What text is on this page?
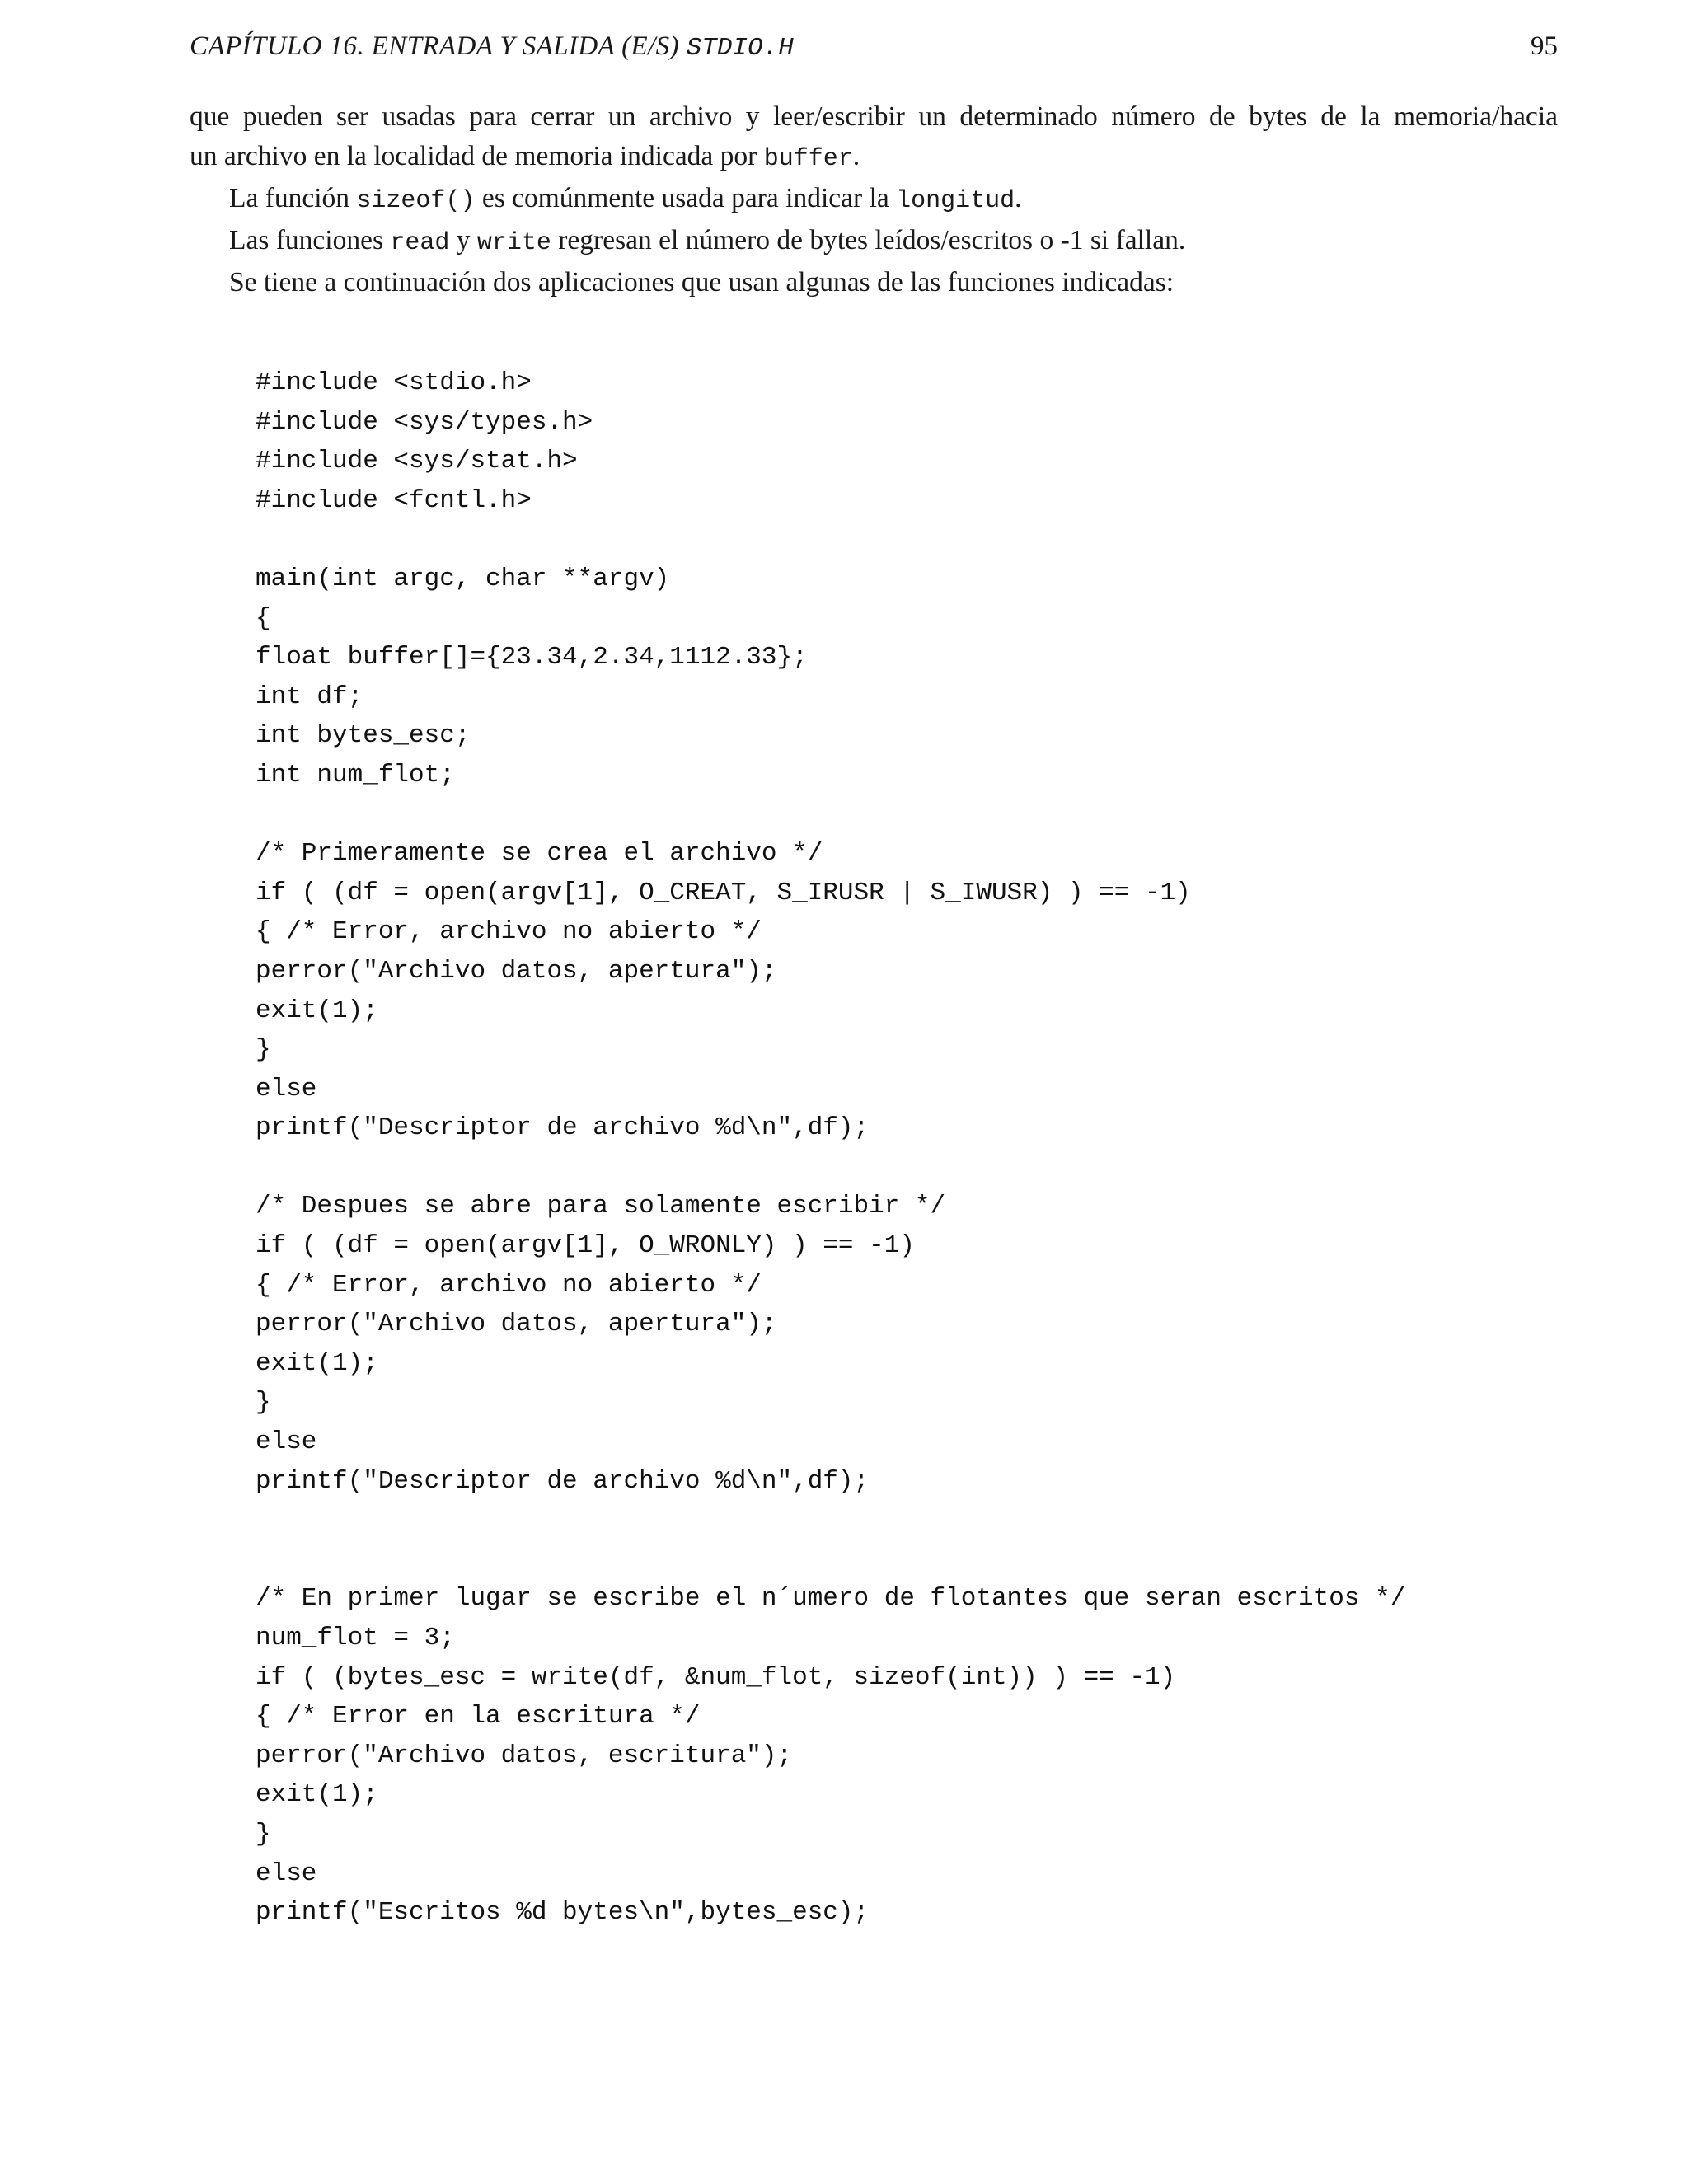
CAPÍTULO 16. ENTRADA Y SALIDA (E/S) STDIO.H	95

que pueden ser usadas para cerrar un archivo y leer/escribir un determinado número de bytes de la memoria/hacia
un archivo en la localidad de memoria indicada por buffer.

La función sizeof() es comúnmente usada para indicar la longitud.

Las funciones read y write regresan el número de bytes leídos/escritos o -1 si fallan.

Se tiene a continuación dos aplicaciones que usan algunas de las funciones indicadas:

#include <stdio.h>
#include <sys/types.h>
#include <sys/stat.h>
#include <fcntl.h>
main(int argc, char **argv)
{
float buffer[]={23.34,2.34,1112.33};
int df;
int bytes_esc;
int num_flot;
/* Primeramente se crea el archivo */
if ( (df = open(argv[1], O_CREAT, S_IRUSR | S_IWUSR) ) == -1)
{ /* Error, archivo no abierto */
perror("Archivo datos, apertura");
exit(1);
}
else
printf("Descriptor de archivo %d\n",df);
/* Despues se abre para solamente escribir */
if ( (df = open(argv[1], O_WRONLY) ) == -1)
{ /* Error, archivo no abierto */
perror("Archivo datos, apertura");
exit(1);
}
else
printf("Descriptor de archivo %d\n",df);
/* En primer lugar se escribe el n´umero de flotantes que seran escritos */
num_flot = 3;
if ( (bytes_esc = write(df, &num_flot, sizeof(int)) ) == -1)
{ /* Error en la escritura */
perror("Archivo datos, escritura");
exit(1);
}
else
printf("Escritos %d bytes\n",bytes_esc);
